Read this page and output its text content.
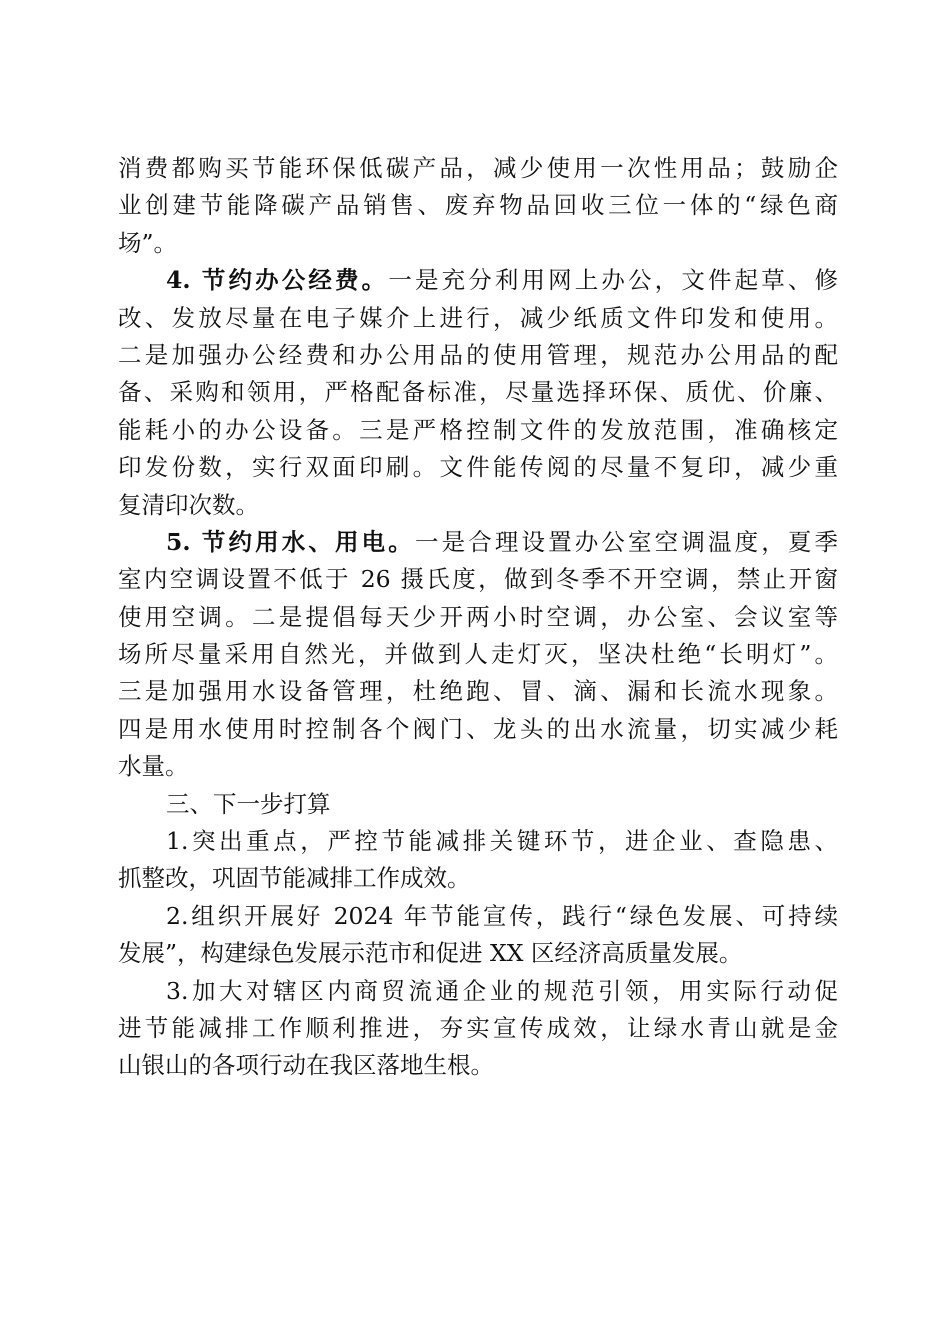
消费都购买节能环保低碳产品，减少使用一次性用品；鼓励企
业创建节能降碳产品销售、废弃物品回收三位一体的“绿色商
场”。
4. 节约办公经费。一是充分利用网上办公，文件起草、修
改、发放尽量在电子媒介上进行，减少纸质文件印发和使用。
二是加强办公经费和办公用品的使用管理，规范办公用品的配
备、采购和领用，严格配备标准，尽量选择环保、质优、价廉、
能耗小的办公设备。三是严格控制文件的发放范围，准确核定
印发份数，实行双面印刷。文件能传阅的尽量不复印，减少重
复清印次数。
5. 节约用水、用电。一是合理设置办公室空调温度，夏季
室内空调设置不低于 26 摄氏度，做到冬季不开空调，禁止开窗
使用空调。二是提倡每天少开两小时空调，办公室、会议室等
场所尽量采用自然光，并做到人走灯灭，坚决杜绝“长明灯”。
三是加强用水设备管理，杜绝跑、冒、滴、漏和长流水现象。
四是用水使用时控制各个阀门、龙头的出水流量，切实减少耗
水量。
三、下一步打算
1.突出重点，严控节能减排关键环节，进企业、查隐患、
抓整改，巩固节能减排工作成效。
2.组织开展好 2024 年节能宣传，践行“绿色发展、可持续
发展”，构建绿色发展示范市和促进 XX 区经济高质量发展。
3.加大对辖区内商贸流通企业的规范引领，用实际行动促
进节能减排工作顺利推进，夯实宣传成效，让绿水青山就是金
山银山的各项行动在我区落地生根。
